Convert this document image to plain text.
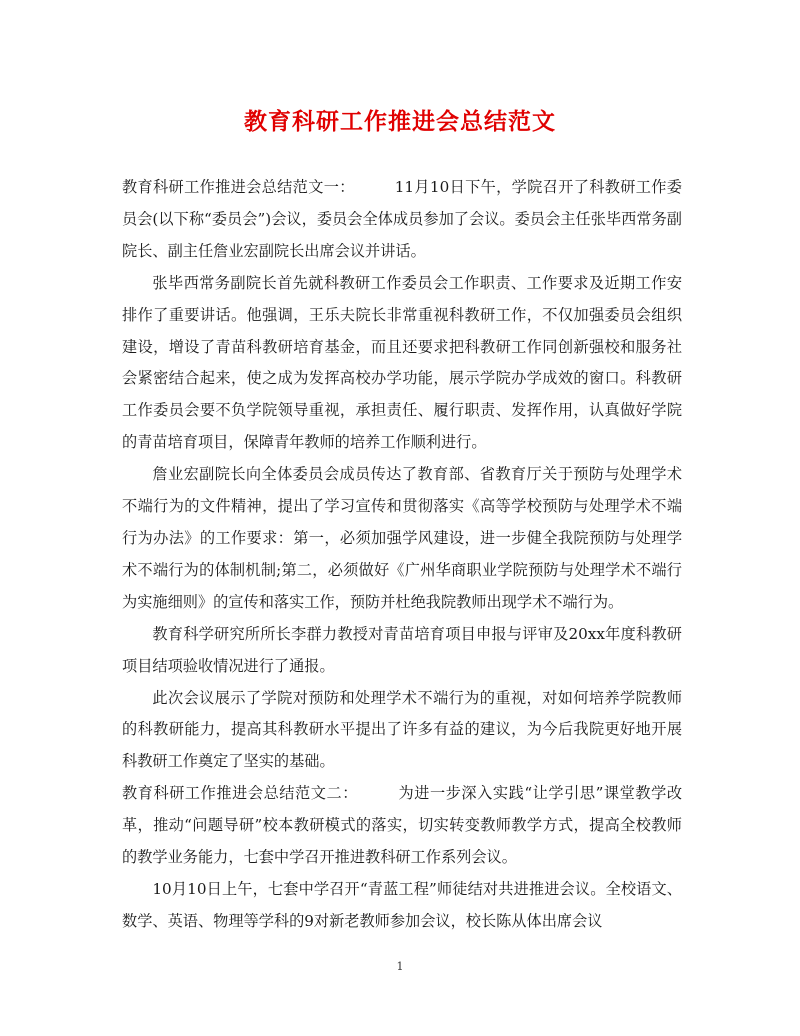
教育科研工作推进会总结范文

教育科研工作推进会总结范文一：	11月10日下午，学院召开了科教研工作委员会(以下称“委员会”)会议，委员会全体成员参加了会议。委员会主任张毕西常务副院长、副主任詹业宏副院长出席会议并讲话。

张毕西常务副院长首先就科教研工作委员会工作职责、工作要求及近期工作安排作了重要讲话。他强调，王乐夫院长非常重视科教研工作，不仅加强委员会组织建设，增设了青苗科教研培育基金，而且还要求把科教研工作同创新强校和服务社会紧密结合起来，使之成为发挥高校办学功能，展示学院办学成效的窗口。科教研工作委员会要不负学院领导重视，承担责任、履行职责、发挥作用，认真做好学院的青苗培育项目，保障青年教师的培养工作顺利进行。

詹业宏副院长向全体委员会成员传达了教育部、省教育厅关于预防与处理学术不端行为的文件精神，提出了学习宣传和贯彻落实《高等学校预防与处理学术不端行为办法》的工作要求：第一，必须加强学风建设，进一步健全我院预防与处理学术不端行为的体制机制;第二，必须做好《广州华商职业学院预防与处理学术不端行为实施细则》的宣传和落实工作，预防并杜绝我院教师出现学术不端行为。

教育科学研究所所长李群力教授对青苗培育项目申报与评审及20xx年度科教研项目结项验收情况进行了通报。

此次会议展示了学院对预防和处理学术不端行为的重视，对如何培养学院教师的科教研能力，提高其科教研水平提出了许多有益的建议，为今后我院更好地开展科教研工作奠定了坚实的基础。

教育科研工作推进会总结范文二：	为进一步深入实践“让学引思”课堂教学改革，推动“问题导研”校本教研模式的落实，切实转变教师教学方式，提高全校教师的教学业务能力，七套中学召开推进教科研工作系列会议。

10月10日上午，七套中学召开“青蓝工程”师徒结对共进推进会议。全校语文、数学、英语、物理等学科的9对新老教师参加会议，校长陈从体出席会议

1
